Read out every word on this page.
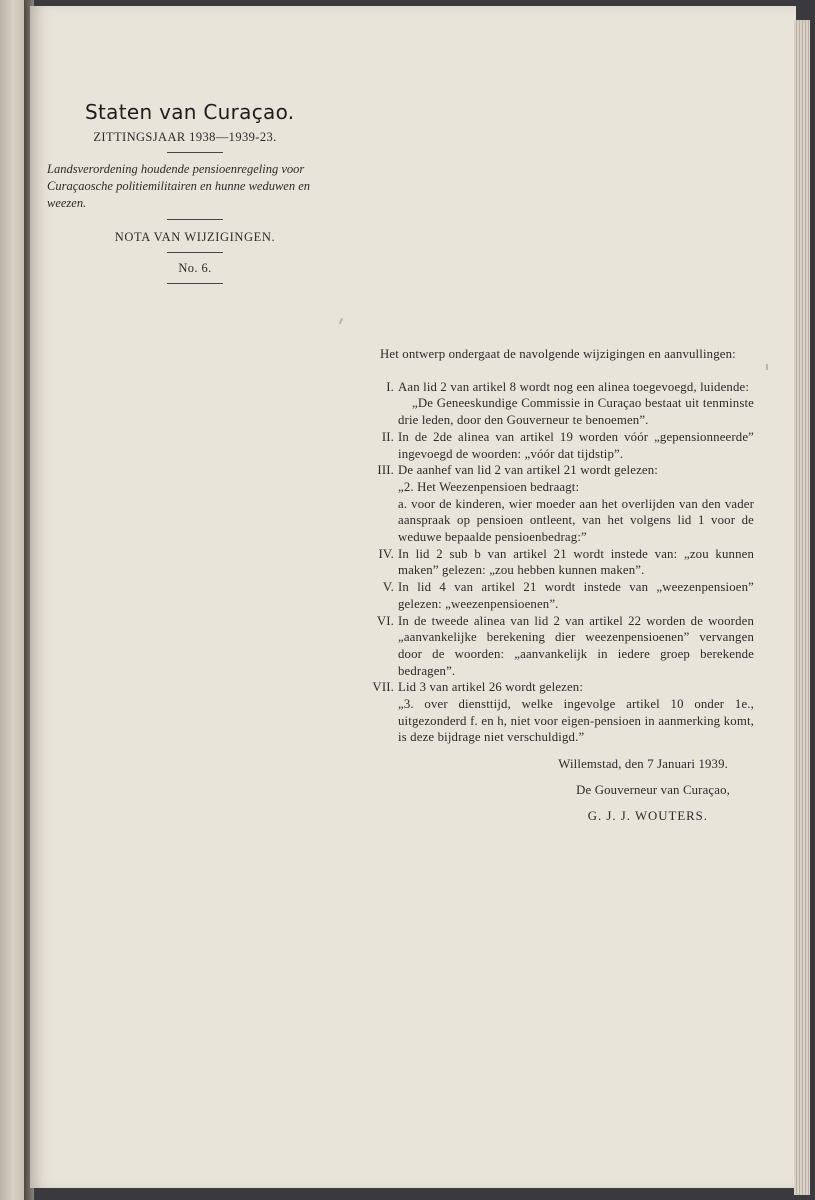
Staten van Curaçao.
ZITTINGSJAAR 1938—1939-23.
Landsverordening houdende pensioenregeling voor Curaçaosche politiemilitairen en hunne weduwen en weezen.
NOTA VAN WIJZIGINGEN.
No. 6.

Het ontwerp ondergaat de navolgende wijzigingen en aanvullingen:

I. Aan lid 2 van artikel 8 wordt nog een alinea toegevoegd, luidende:

„De Geneeskundige Commissie in Curaçao bestaat uit tenminste drie leden, door den Gouverneur te benoemen”.

II. In de 2de alinea van artikel 19 worden vóór „gepensionneerde” ingevoegd de woorden: „vóór dat tijdstip”.

III. De aanhef van lid 2 van artikel 21 wordt gelezen:

„2. Het Weezenpensioen bedraagt:

a. voor de kinderen, wier moeder aan het overlijden van den vader aanspraak op pensioen ontleent, van het volgens lid 1 voor de weduwe bepaalde pensioenbedrag:”

IV. In lid 2 sub b van artikel 21 wordt instede van: „zou kunnen maken” gelezen: „zou hebben kunnen maken”.

V. In lid 4 van artikel 21 wordt instede van „weezenpensioen” gelezen: „weezenpensioenen”.

VI. In de tweede alinea van lid 2 van artikel 22 worden de woorden „aanvankelijke berekening dier weezenpensioenen” vervangen door de woorden: „aanvankelijk in iedere groep berekende bedragen”.

VII. Lid 3 van artikel 26 wordt gelezen:

„3. over diensttijd, welke ingevolge artikel 10 onder 1e., uitgezonderd f. en h, niet voor eigen-pensioen in aanmerking komt, is deze bijdrage niet verschuldigd.”

Willemstad, den 7 Januari 1939.
De Gouverneur van Curaçao,
G. J. J. WOUTERS.
